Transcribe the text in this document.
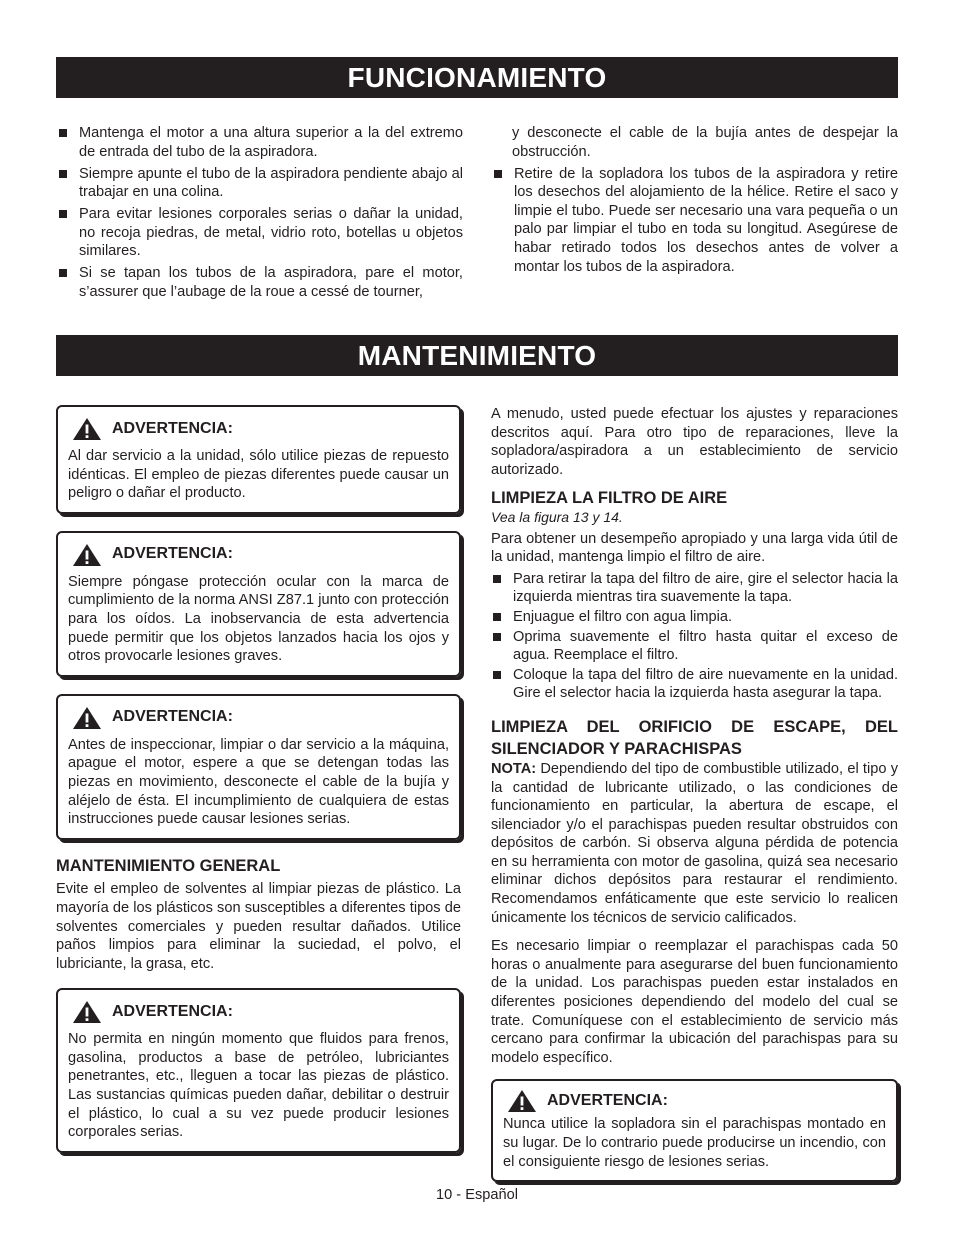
FUNCIONAMIENTO
Mantenga el motor a una altura superior a la del extremo de entrada del tubo de la aspiradora.
Siempre apunte el tubo de la aspiradora pendiente abajo al trabajar en una colina.
Para evitar lesiones corporales serias o dañar la unidad, no recoja piedras, de metal, vidrio roto, botellas u objetos similares.
Si se tapan los tubos de la aspiradora, pare el motor, s’assurer que l’aubage de la roue a cessé de tourner,
y desconecte el cable de la bujía antes de despejar la obstrucción.
Retire de la sopladora los tubos de la aspiradora y retire los desechos del alojamiento de la hélice. Retire el saco y limpie el tubo. Puede ser necesario una vara pequeña o un palo par limpiar el tubo en toda su longitud. Asegúrese de habar retirado todos los desechos antes de volver a montar los tubos de la aspiradora.
MANTENIMIENTO
ADVERTENCIA:
Al dar servicio a la unidad, sólo utilice piezas de repuesto idénticas. El empleo de piezas diferentes puede causar un peligro o dañar el producto.
ADVERTENCIA:
Siempre póngase protección ocular con la marca de cumplimiento de la norma ANSI Z87.1 junto con protección para los oídos. La inobservancia de esta advertencia puede permitir que los objetos lanzados hacia los ojos y otros provocarle lesiones graves.
ADVERTENCIA:
Antes de inspeccionar, limpiar o dar servicio a la máquina, apague el motor, espere a que se detengan todas las piezas en movimiento, desconecte el cable de la bujía y aléjelo de ésta. El incumplimiento de cualquiera de estas instrucciones puede causar lesiones serias.
MANTENIMIENTO GENERAL

Evite el empleo de solventes al limpiar piezas de plástico. La mayoría de los plásticos son susceptibles a diferentes tipos de solventes comerciales y pueden resultar dañados. Utilice paños limpios para eliminar la suciedad, el polvo, el lubriciante, la grasa, etc.

ADVERTENCIA:
No permita en ningún momento que fluidos para frenos, gasolina, productos a base de petróleo, lubriciantes penetrantes, etc., lleguen a tocar las piezas de plástico. Las sustancias químicas pueden dañar, debilitar o destruir el plástico, lo cual a su vez puede producir lesiones corporales serias.

A menudo, usted puede efectuar los ajustes y reparaciones descritos aquí. Para otro tipo de reparaciones, lleve la sopladora/aspiradora a un establecimiento de servicio autorizado.

LIMPIEZA LA FILTRO DE AIRE
Vea la figura 13 y 14.

Para obtener un desempeño apropiado y una larga vida útil de la unidad, mantenga limpio el filtro de aire.

Para retirar la tapa del filtro de aire, gire el selector hacia la izquierda mientras tira suavemente la tapa.
Enjuague el filtro con agua limpia.
Oprima suavemente el filtro hasta quitar el exceso de agua. Reemplace el filtro.
Coloque la tapa del filtro de aire nuevamente en la unidad. Gire el selector hacia la izquierda hasta asegurar la tapa.
LIMPIEZA DEL ORIFICIO DE ESCAPE, DEL SILENCIADOR Y PARACHISPAS

NOTA: Dependiendo del tipo de combustible utilizado, el tipo y la cantidad de lubricante utilizado, o las condiciones de funcionamiento en particular, la abertura de escape, el silenciador y/o el parachispas pueden resultar obstruidos con depósitos de carbón. Si observa alguna pérdida de potencia en su herramienta con motor de gasolina, quizá sea necesario eliminar dichos depósitos para restaurar el rendimiento. Recomendamos enfáticamente que este servicio lo realicen únicamente los técnicos de servicio calificados.

Es necesario limpiar o reemplazar el parachispas cada 50 horas o anualmente para asegurarse del buen funcionamiento de la unidad. Los parachispas pueden estar instalados en diferentes posiciones dependiendo del modelo del cual se trate. Comuníquese con el establecimiento de servicio más cercano para confirmar la ubicación del parachispas para su modelo específico.

ADVERTENCIA:
Nunca utilice la sopladora sin el parachispas montado en su lugar. De lo contrario puede producirse un incendio, con el consiguiente riesgo de lesiones serias.
10 - Español
